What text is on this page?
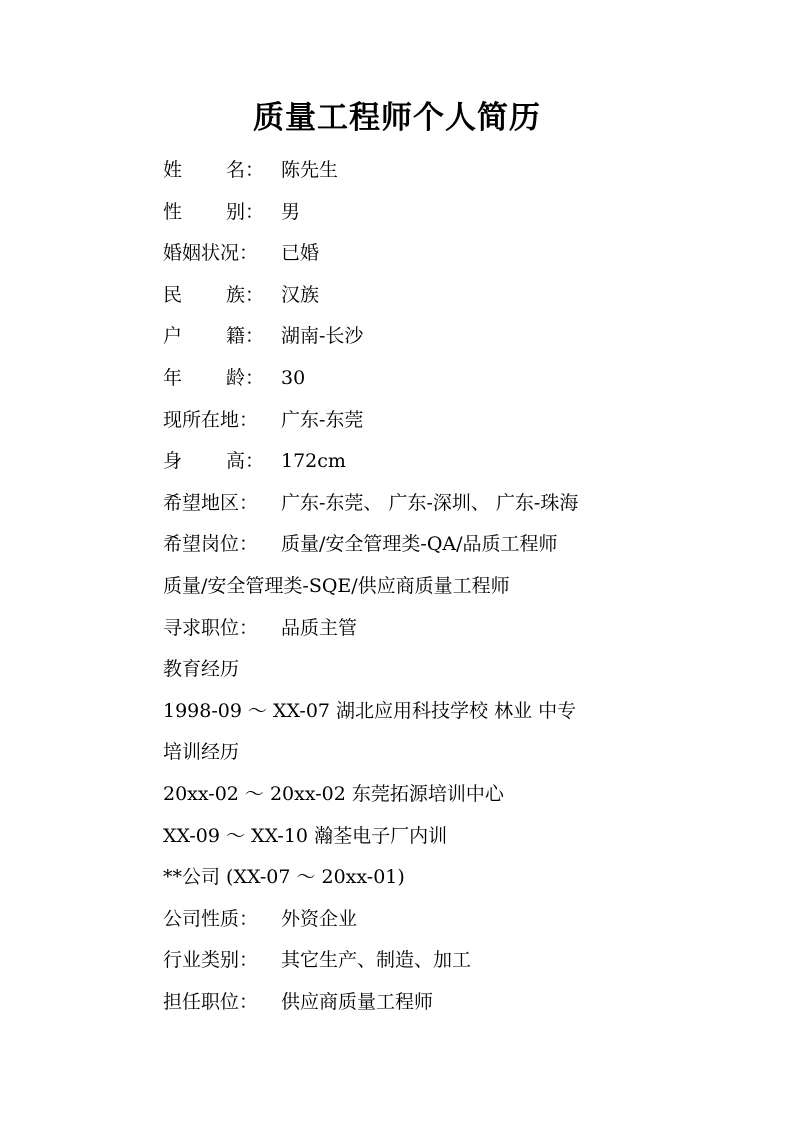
质量工程师个人简历
姓 名： 陈先生
性 别： 男
婚姻状况： 已婚
民 族： 汉族
户 籍： 湖南-长沙
年 龄： 30
现所在地： 广东-东莞
身 高： 172cm
希望地区： 广东-东莞、 广东-深圳、 广东-珠海
希望岗位： 质量/安全管理类-QA/品质工程师
质量/安全管理类-SQE/供应商质量工程师
寻求职位： 品质主管
教育经历
1998-09 ～ XX-07 湖北应用科技学校 林业 中专
培训经历
20xx-02 ～ 20xx-02 东莞拓源培训中心
XX-09 ～ XX-10 瀚荃电子厂内训
**公司 (XX-07 ～ 20xx-01)
公司性质： 外资企业
行业类别： 其它生产、制造、加工
担任职位： 供应商质量工程师
